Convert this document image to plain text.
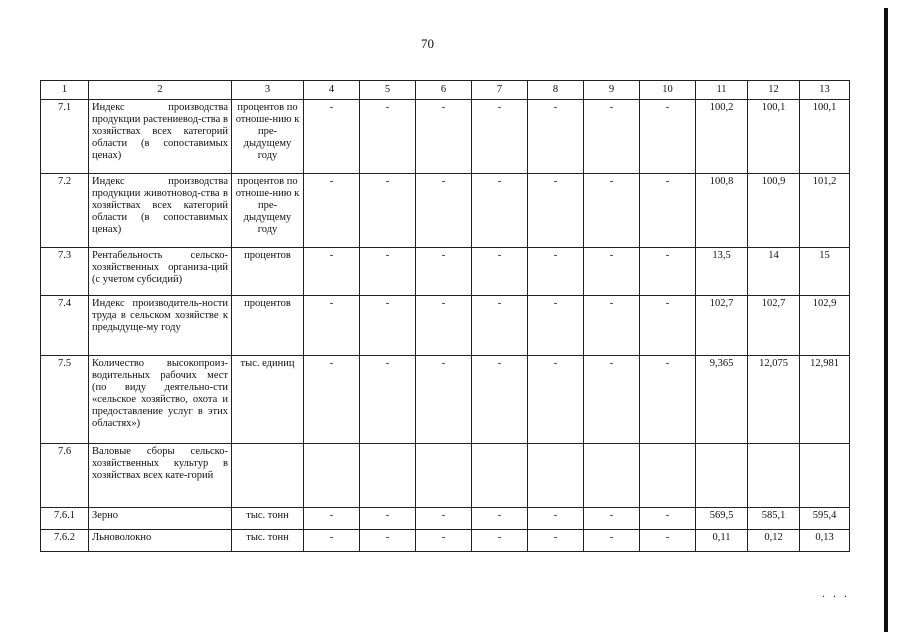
70
1	2	3	4	5	6	7	8	9	10	11	12	13
7.1	Индекс производства продукции растениевод-ства в хозяйствах всех категорий области (в сопоставимых ценах)	процентов по отноше-нию к пре-дыдущему году	-	-	-	-	-	-	-	100,2	100,1	100,1
7.2	Индекс производства продукции животновод-ства в хозяйствах всех категорий области (в сопоставимых ценах)	процентов по отноше-нию к пре-дыдущему году	-	-	-	-	-	-	-	100,8	100,9	101,2
7.3	Рентабельность сельско-хозяйственных организа-ций (с учетом субсидий)	процентов	-	-	-	-	-	-	-	13,5	14	15
7.4	Индекс производитель-ности труда в сельском хозяйстве к предыдуще-му году	процентов	-	-	-	-	-	-	-	102,7	102,7	102,9
7.5	Количество высокопроиз-водительных рабочих мест (по виду деятельно-сти «сельское хозяйство, охота и предоставление услуг в этих областях»)	тыс. единиц	-	-	-	-	-	-	-	9,365	12,075	12,981
7.6	Валовые сборы сельско-хозяйственных культур в хозяйствах всех кате-горий											
7.6.1	Зерно	тыс. тонн	-	-	-	-	-	-	-	569,5	585,1	595,4
7.6.2	Льноволокно	тыс. тонн	-	-	-	-	-	-	-	0,11	0,12	0,13
...
